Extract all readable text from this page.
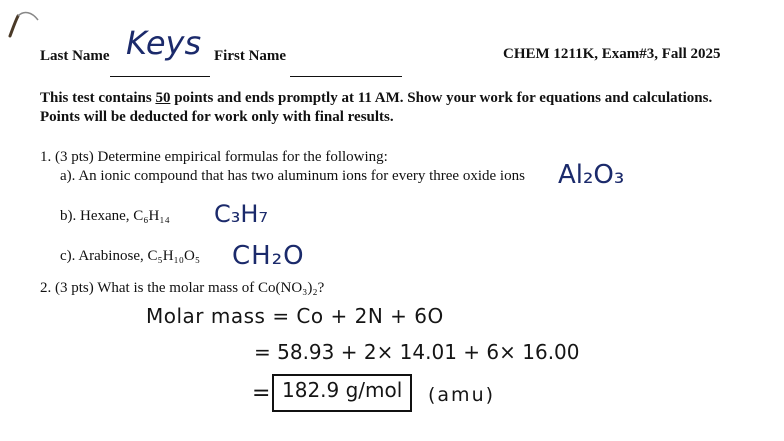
Last Name Keys First Name	CHEM 1211K, Exam#3, Fall 2025
This test contains 50 points and ends promptly at 11 AM. Show your work for equations and calculations.
Points will be deducted for work only with final results.
1. (3 pts) Determine empirical formulas for the following:
a). An ionic compound that has two aluminum ions for every three oxide ions Al₂O₃
b). Hexane, C₆H₁₄ C₃H₇
c). Arabinose, C₅H₁₀O₅ CH₂O
2. (3 pts) What is the molar mass of Co(NO₃)₂?
Molar mass = Co + 2N + 6O
= 58.93 + 2× 14.01 + 6× 16.00
= 182.9 g/mol	(amu)
